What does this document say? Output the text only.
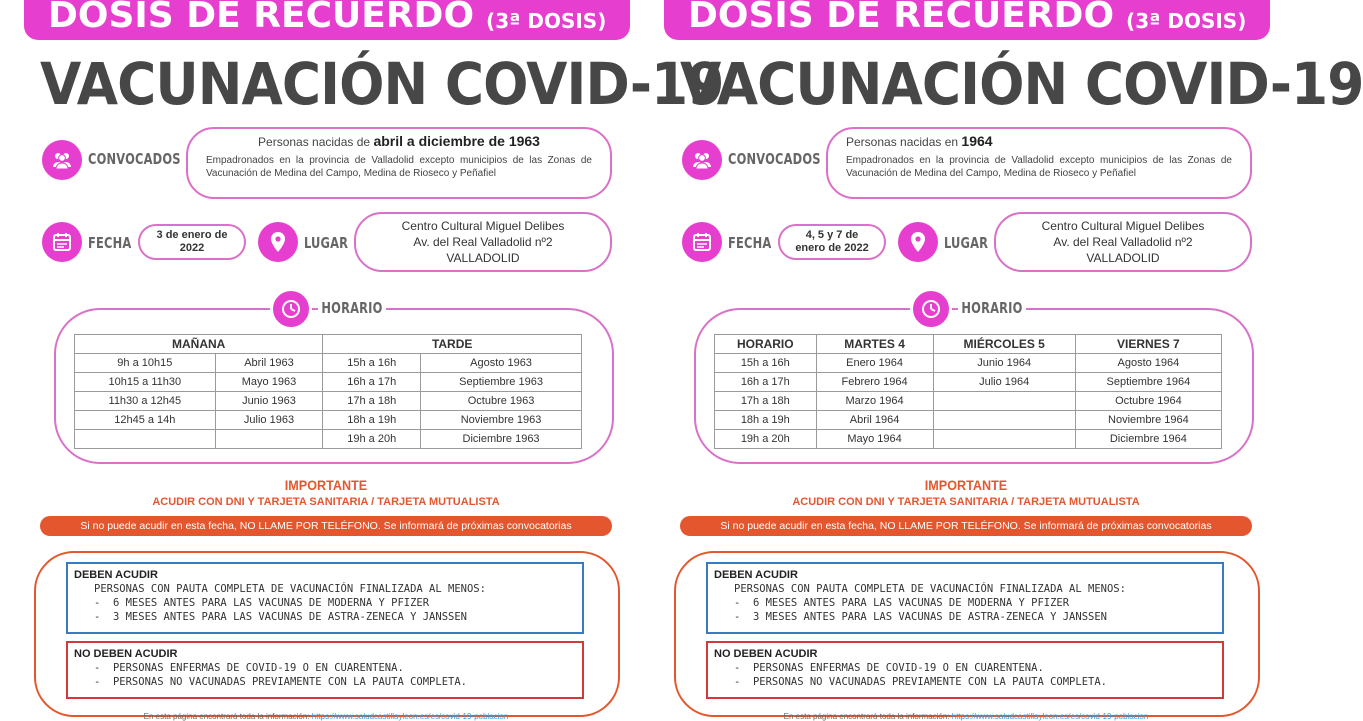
DOSIS DE RECUERDO (3ª DOSIS)
VACUNACIÓN COVID-19
CONVOCADOS
Personas nacidas de abril a diciembre de 1963
Empadronados en la provincia de Valladolid excepto municipios de las Zonas de Vacunación de Medina del Campo, Medina de Rioseco y Peñafiel
FECHA 3 de enero de
2022	LUGAR
Centro Cultural Miguel Delibes
Av. del Real Valladolid nº2
VALLADOLID
HORARIO
MAÑANA		TARDE	
9h a 10h15	Abril 1963	15h a 16h	Agosto 1963
10h15 a 11h30	Mayo 1963	16h a 17h	Septiembre 1963
11h30 a 12h45	Junio 1963	17h a 18h	Octubre 1963
12h45 a 14h	Julio 1963	18h a 19h	Noviembre 1963
		19h a 20h	Diciembre 1963
IMPORTANTE
ACUDIR CON DNI Y TARJETA SANITARIA / TARJETA MUTUALISTA
Si no puede acudir en esta fecha, NO LLAME POR TELÉFONO. Se informará de próximas convocatorias
DEBEN ACUDIR
PERSONAS CON PAUTA COMPLETA DE VACUNACIÓN FINALIZADA AL MENOS:
-  6 MESES ANTES PARA LAS VACUNAS DE MODERNA Y PFIZER
-  3 MESES ANTES PARA LAS VACUNAS DE ASTRA-ZENECA Y JANSSEN
NO DEBEN ACUDIR
-  PERSONAS ENFERMAS DE COVID-19 O EN CUARENTENA.
-  PERSONAS NO VACUNADAS PREVIAMENTE CON LA PAUTA COMPLETA.
En esta página encontrará toda la información: https://www.saludcastillayleon.es/es/covid-19-poblacion
DOSIS DE RECUERDO (3ª DOSIS)
VACUNACIÓN COVID-19
CONVOCADOS
Personas nacidas en 1964
Empadronados en la provincia de Valladolid excepto municipios de las Zonas de Vacunación de Medina del Campo, Medina de Rioseco y Peñafiel
FECHA	4, 5 y 7 de
enero de 2022	LUGAR
Centro Cultural Miguel Delibes
Av. del Real Valladolid nº2
VALLADOLID
HORARIO
HORARIO	MARTES 4	MIÉRCOLES 5	VIERNES 7
15h a 16h	Enero 1964	Junio 1964	Agosto 1964
16h a 17h	Febrero 1964	Julio 1964	Septiembre 1964
17h a 18h	Marzo 1964		Octubre 1964
18h a 19h	Abril 1964		Noviembre 1964
19h a 20h	Mayo 1964		Diciembre 1964
IMPORTANTE
ACUDIR CON DNI Y TARJETA SANITARIA / TARJETA MUTUALISTA
Si no puede acudir en esta fecha, NO LLAME POR TELÉFONO. Se informará de próximas convocatorias
DEBEN ACUDIR
PERSONAS CON PAUTA COMPLETA DE VACUNACIÓN FINALIZADA AL MENOS:
-  6 MESES ANTES PARA LAS VACUNAS DE MODERNA Y PFIZER
-  3 MESES ANTES PARA LAS VACUNAS DE ASTRA-ZENECA Y JANSSEN
NO DEBEN ACUDIR
-  PERSONAS ENFERMAS DE COVID-19 O EN CUARENTENA.
-  PERSONAS NO VACUNADAS PREVIAMENTE CON LA PAUTA COMPLETA.
En esta página encontrará toda la información: https://www.saludcastillayleon.es/es/covid-19-poblacion
